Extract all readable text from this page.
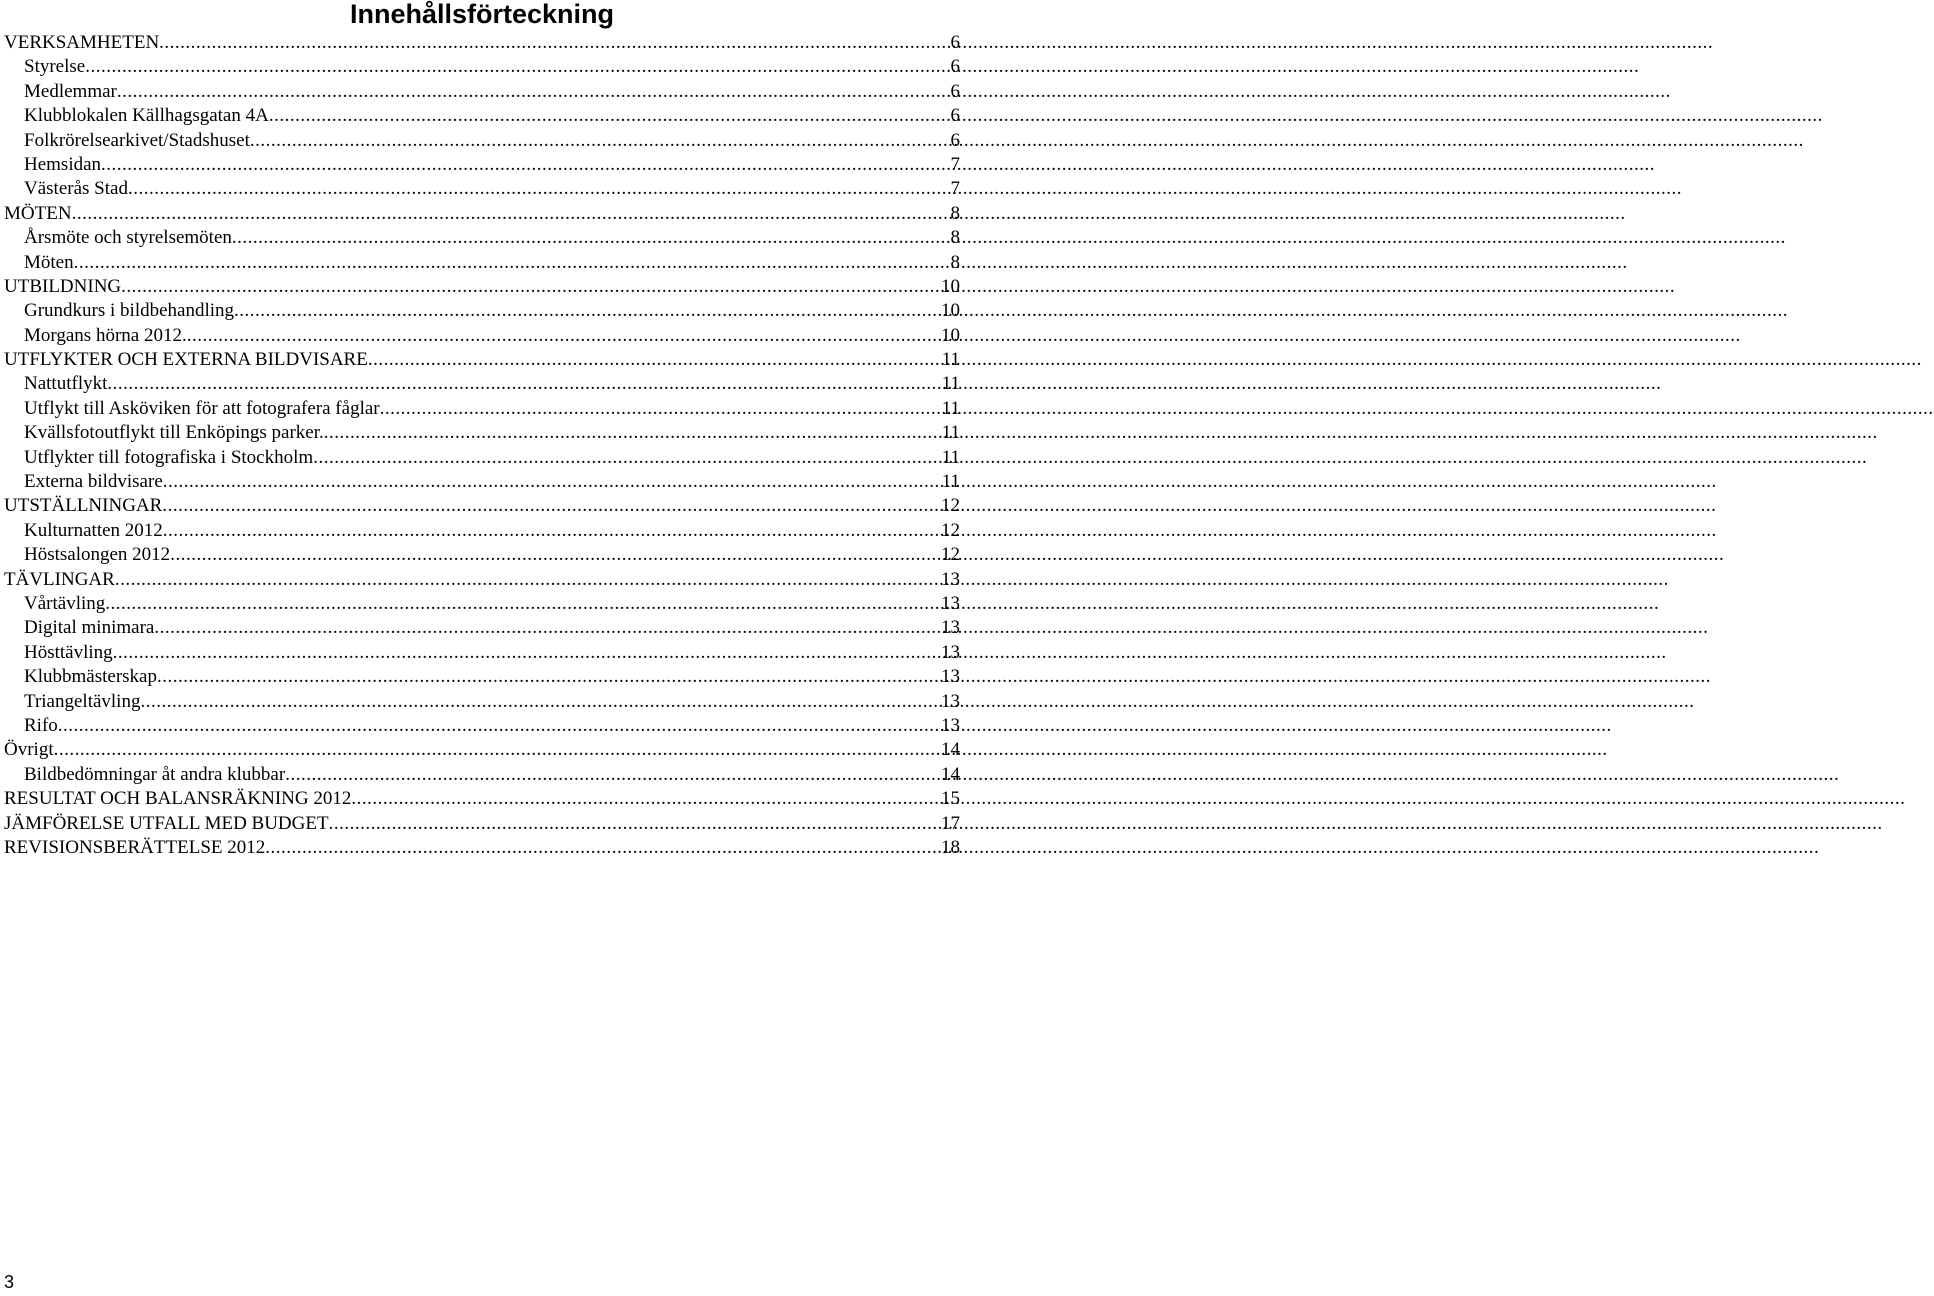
Innehållsförteckning
VERKSAMHETEN .....	6
Styrelse .....	6
Medlemmar .....	6
Klubblokalen Källhagsgatan 4A .....	6
Folkrörelsearkivet/Stadshuset .....	6
Hemsidan .....	7
Västerås Stad .....	7
MÖTEN .....	8
Årsmöte och styrelsemöten .....	8
Möten .....	8
UTBILDNING .....	10
Grundkurs i bildbehandling .....	10
Morgans hörna 2012. .....	10
UTFLYKTER OCH EXTERNA BILDVISARE .....	11
Nattutflykt .....	11
Utflykt till Asköviken för att fotografera fåglar .....	11
Kvällsfotoutflykt till Enköpings parker. .....	11
Utflykter till fotografiska i Stockholm .....	11
Externa bildvisare .....	11
UTSTÄLLNINGAR .....	12
Kulturnatten 2012 .....	12
Höstsalongen 2012 .....	12
TÄVLINGAR .....	13
Vårtävling .....	13
Digital minimara .....	13
Hösttävling .....	13
Klubbmästerskap .....	13
Triangeltävling .....	13
Rifo .....	13
Övrigt .....	14
Bildbedömningar åt andra klubbar .....	14
RESULTAT OCH BALANSRÄKNING 2012 .....	15
JÄMFÖRELSE UTFALL MED BUDGET .....	17
REVISIONSBERÄTTELSE 2012 .....	18
3
